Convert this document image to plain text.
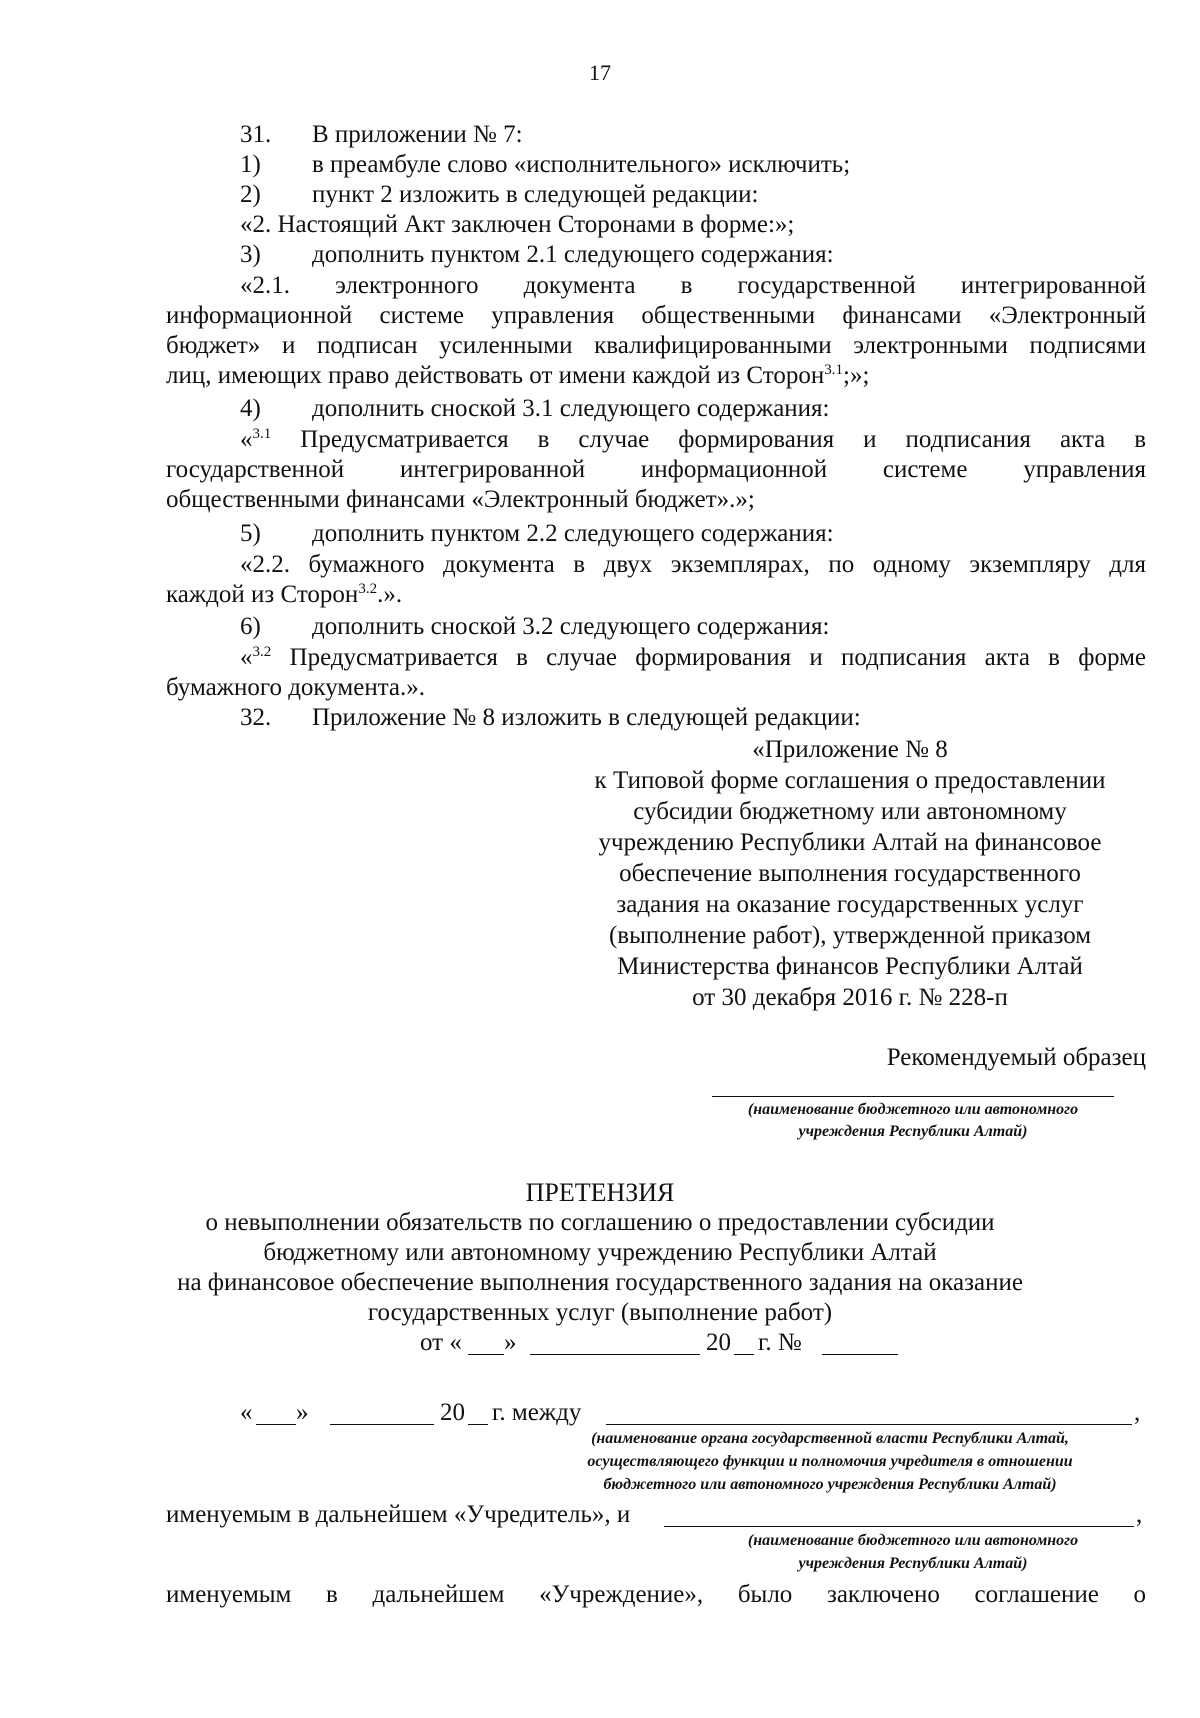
17
31. В приложении № 7:
1) в преамбуле слово «исполнительного» исключить;
2) пункт 2 изложить в следующей редакции:
«2. Настоящий Акт заключен Сторонами в форме:»;
3) дополнить пунктом 2.1 следующего содержания:
«2.1. электронного документа в государственной интегрированной
информационной системе управления общественными финансами «Электронный
бюджет» и подписан усиленными квалифицированными электронными подписями
лиц, имеющих право действовать от имени каждой из Сторон$^{3.1}$;»;
4) дополнить сноской 3.1 следующего содержания:
«$^{3.1}$ Предусматривается в случае формирования и подписания акта в
государственной интегрированной информационной системе управления
общественными финансами «Электронный бюджет».»;
5) дополнить пунктом 2.2 следующего содержания:
«2.2. бумажного документа в двух экземплярах, по одному экземпляру для
каждой из Сторон$^{3.2}$.».
6) дополнить сноской 3.2 следующего содержания:
«$^{3.2}$ Предусматривается в случае формирования и подписания акта в форме
бумажного документа.».
32. Приложение № 8 изложить в следующей редакции:
«Приложение № 8
к Типовой форме соглашения о предоставлении
субсидии бюджетному или автономному
учреждению Республики Алтай на финансовое
обеспечение выполнения государственного
задания на оказание государственных услуг
(выполнение работ), утвержденной приказом
Министерства финансов Республики Алтай
от 30 декабря 2016 г. № 228-п
Рекомендуемый образец
(наименование бюджетного или автономного
учреждения Республики Алтай)
ПРЕТЕНЗИЯ
о невыполнении обязательств по соглашению о предоставлении субсидии
бюджетному или автономному учреждению Республики Алтай
на финансовое обеспечение выполнения государственного задания на оказание
государственных услуг (выполнение работ)
от « »	20 г. №
« »	20 г. между	,
(наименование органа государственной власти Республики Алтай,
осуществляющего функции и полномочия учредителя в отношении
бюджетного или автономного учреждения Республики Алтай)
именуемым в дальнейшем «Учредитель», и	,
(наименование бюджетного или автономного
учреждения Республики Алтай)
именуемым в дальнейшем «Учреждение», было заключено соглашение о
